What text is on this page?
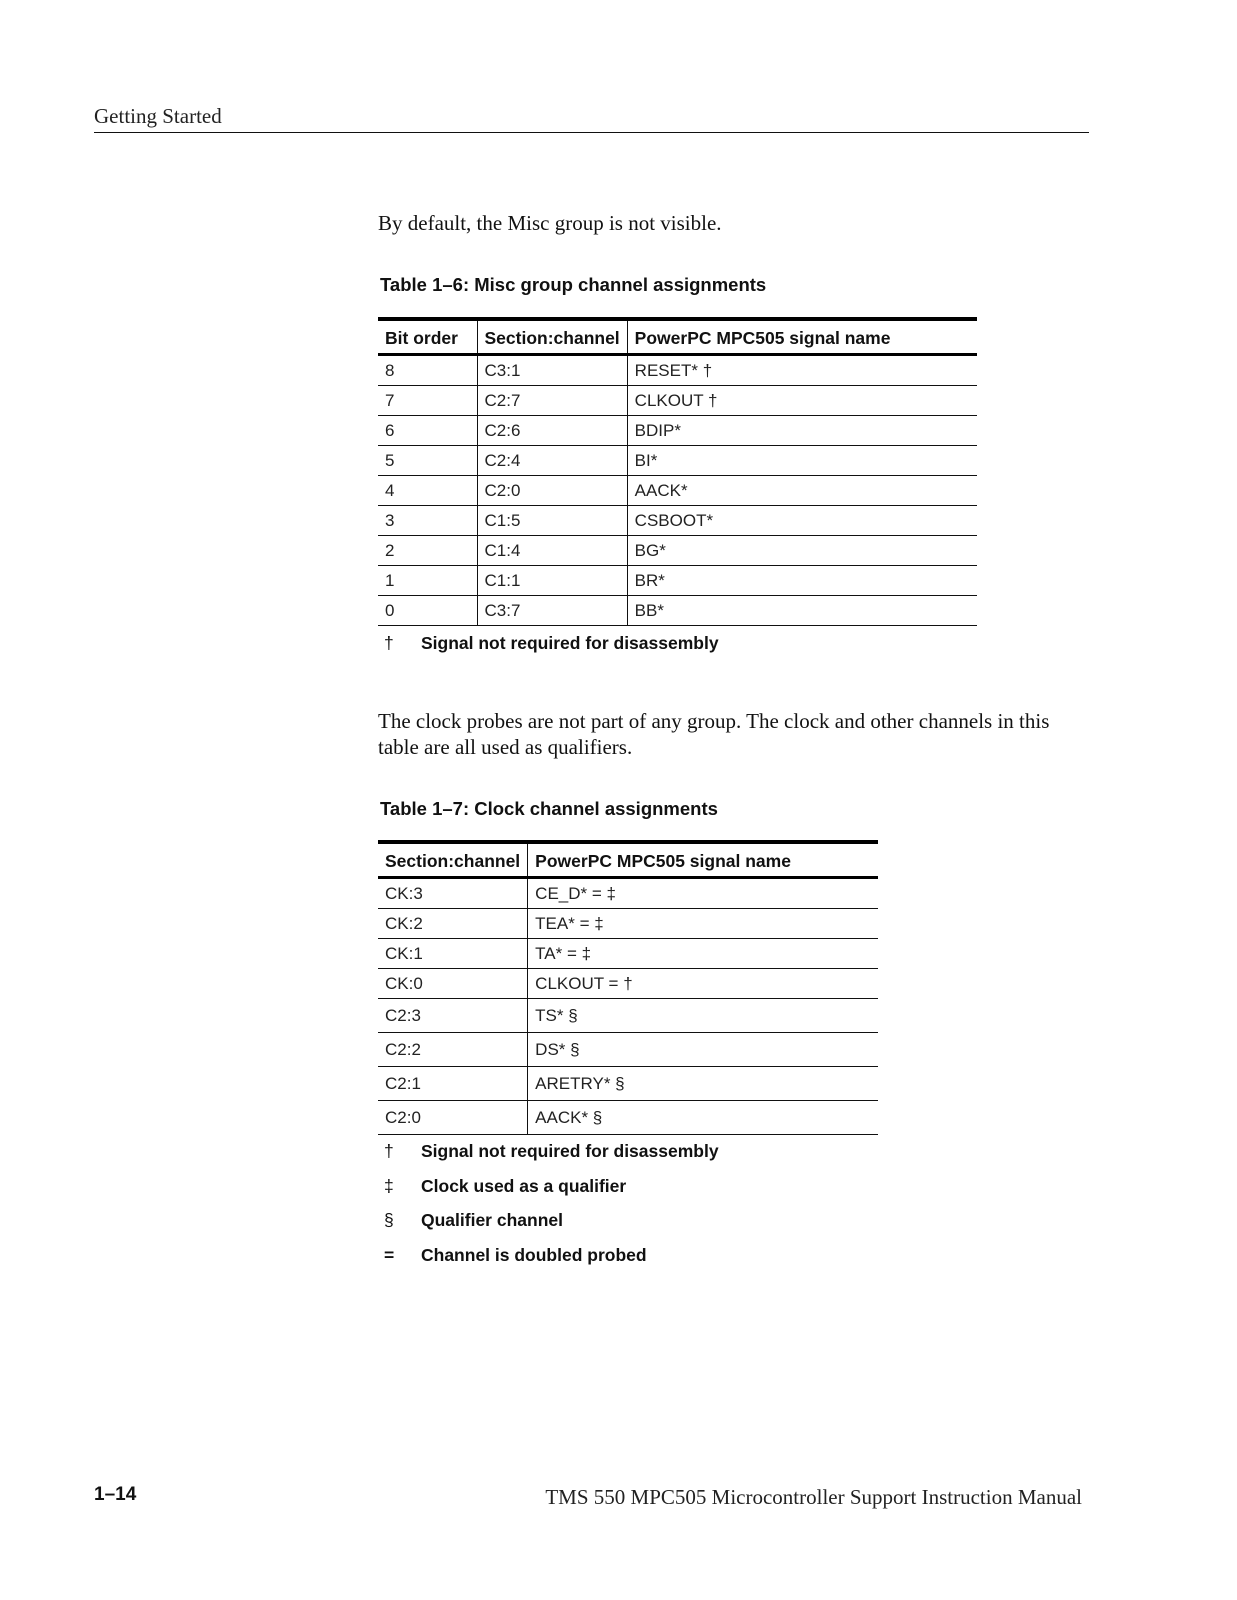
Getting Started
By default, the Misc group is not visible.
Table 1–6: Misc group channel assignments
Bit order	Section:channel	PowerPC MPC505 signal name
8	C3:1	RESET* †
7	C2:7	CLKOUT †
6	C2:6	BDIP*
5	C2:4	BI*
4	C2:0	AACK*
3	C1:5	CSBOOT*
2	C1:4	BG*
1	C1:1	BR*
0	C3:7	BB*
†	Signal not required for disassembly
The clock probes are not part of any group. The clock and other channels in this table are all used as qualifiers.
Table 1–7: Clock channel assignments
Section:channel	PowerPC MPC505 signal name
CK:3	CE_D* = ‡
CK:2	TEA* = ‡
CK:1	TA* = ‡
CK:0	CLKOUT = †
C2:3	TS* §
C2:2	DS* §
C2:1	ARETRY* §
C2:0	AACK* §
†	Signal not required for disassembly
‡	Clock used as a qualifier
§	Qualifier channel
=	Channel is doubled probed
1–14	TMS 550 MPC505 Microcontroller Support Instruction Manual
